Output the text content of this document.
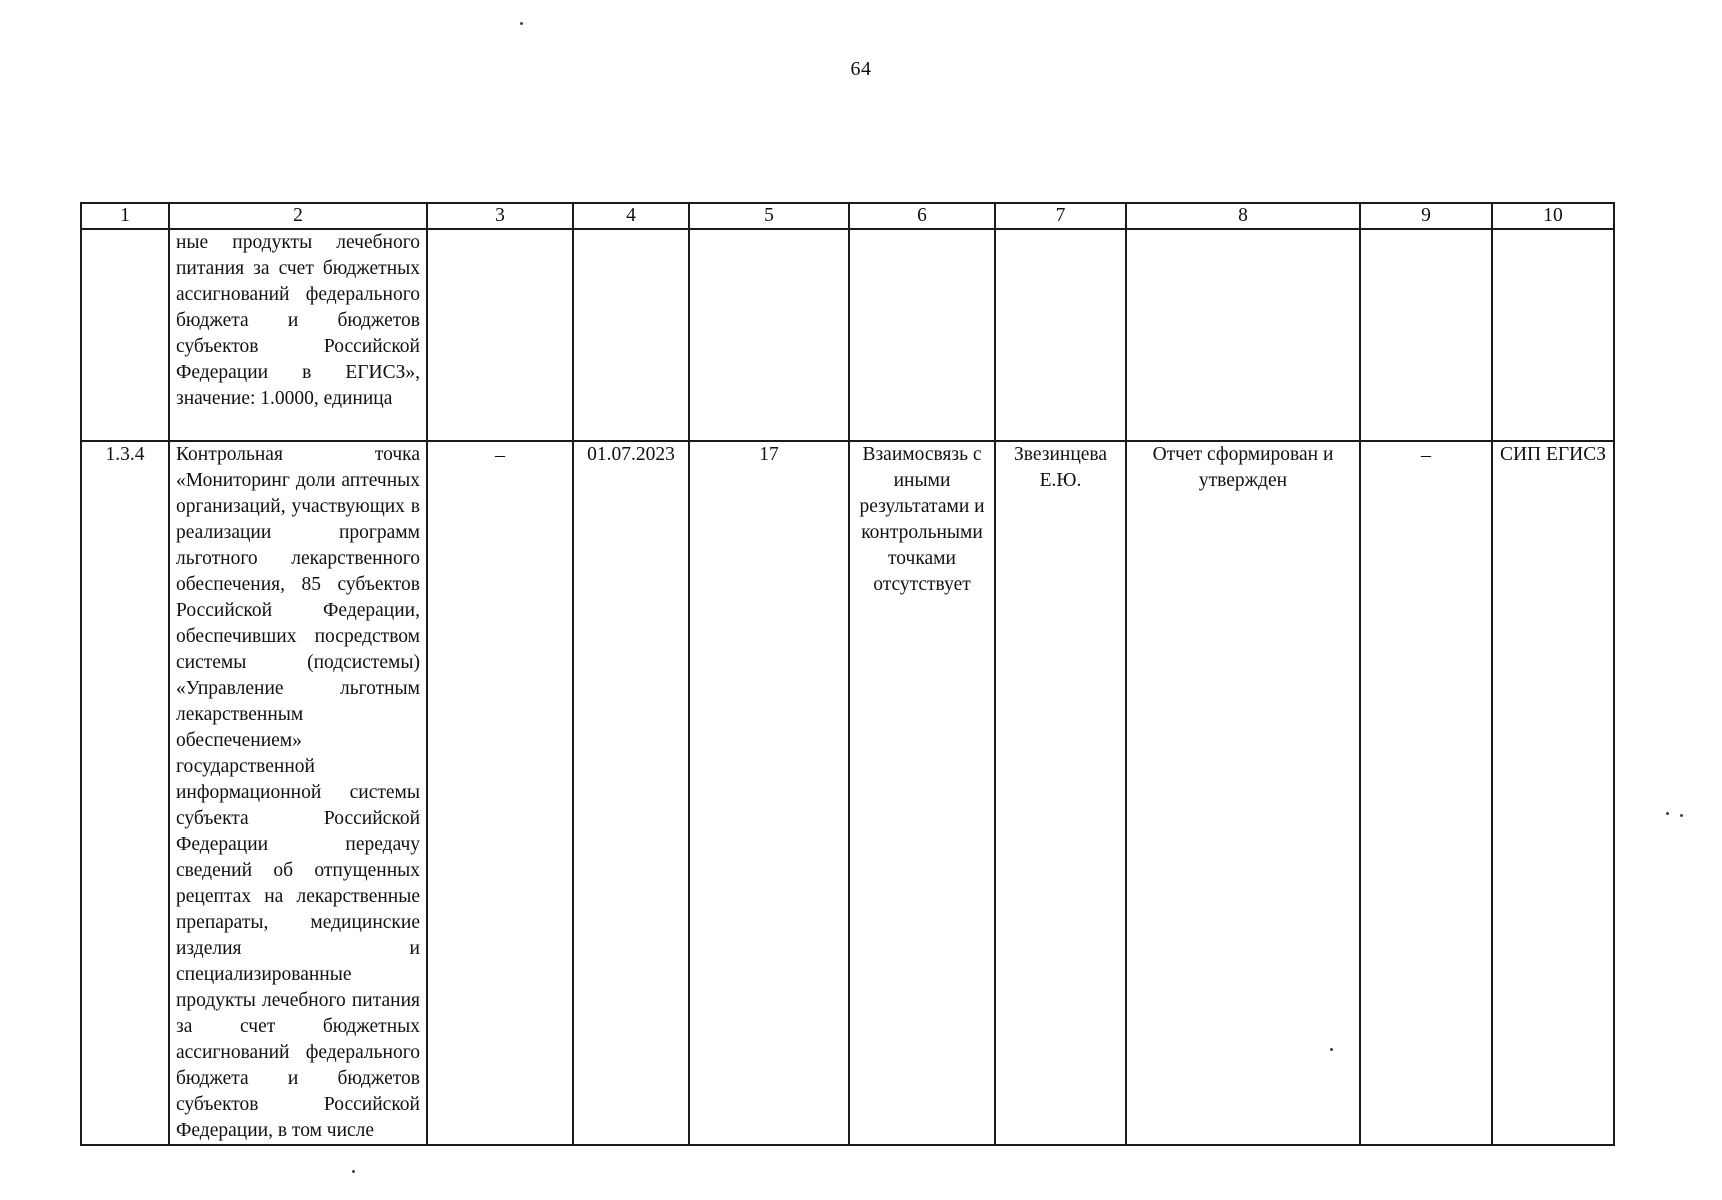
64
1	2	3	4	5	6	7	8	9	10
	ные продукты лечебного питания за счет бюджетных ассигнований федерального бюджета и бюджетов субъектов Российской Федерации в ЕГИСЗ», значение: 1.0000, единица								
1.3.4	Контрольная точка «Мониторинг доли аптечных организаций, участвующих в реализации программ льготного лекарственного обеспечения, 85 субъектов Российской Федерации, обеспечивших посредством системы (подсистемы) «Управление льготным лекарственным обеспечением» государственной информационной системы субъекта Российской Федерации передачу сведений об отпущенных рецептах на лекарственные препараты, медицинские изделия и специализированные продукты лечебного питания за счет бюджетных ассигнований федерального бюджета и бюджетов субъектов Российской Федерации, в том числе	–	01.07.2023	17	Взаимосвязь с иными результатами и контрольными точками отсутствует	Звезинцева Е.Ю.	Отчет сформирован и утвержден	–	СИП ЕГИСЗ
